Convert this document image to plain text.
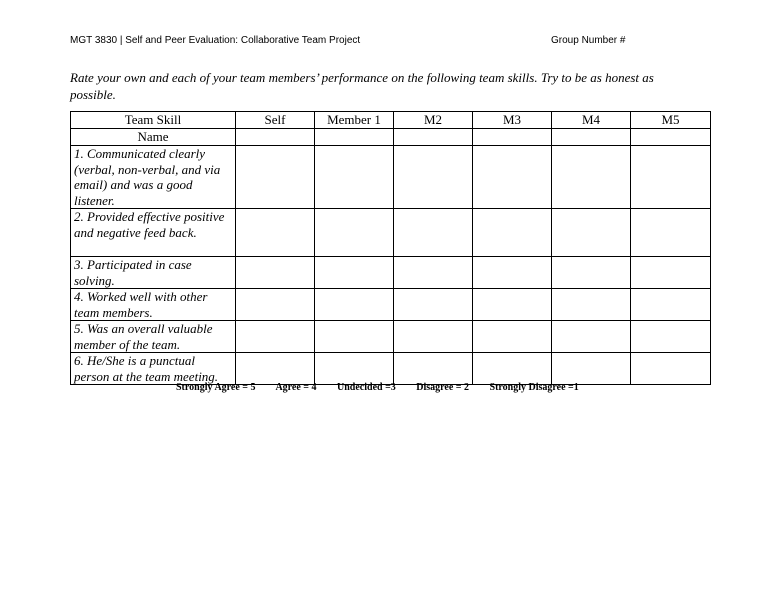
MGT 3830 | Self and Peer Evaluation: Collaborative Team Project	Group Number #
Rate your own and each of your team members’ performance on the following team skills. Try to be as honest as possible.
Team Skill	Self	Member 1	M2	M3	M4	M5
Name						
1. Communicated clearly (verbal, non-verbal, and via email) and was a good listener.						
2. Provided effective positive and negative feed back.						
3. Participated in case solving.						
4. Worked well with other team members.						
5. Was an overall valuable member of the team.						
6. He/She is a punctual person at the team meeting.						
Strongly Agree = 5 Agree = 4 Undecided =3 Disagree = 2 Strongly Disagree =1
